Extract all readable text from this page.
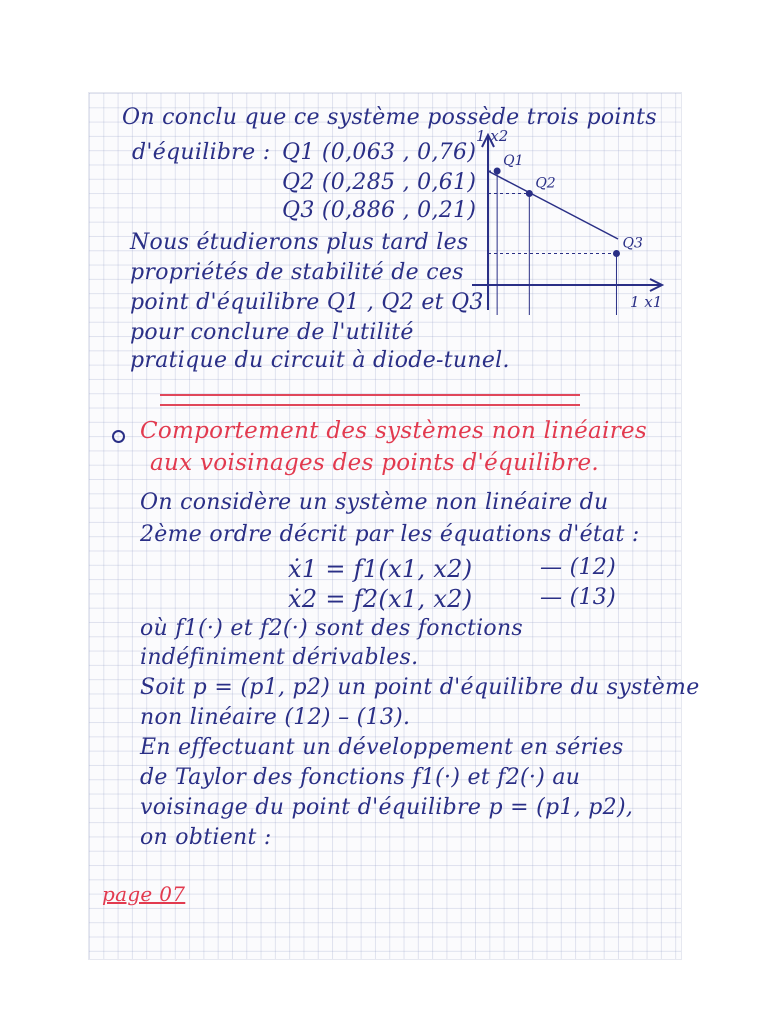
On conclu que ce système possède trois points
d'équilibre : Q1 (0,063 , 0,76)
Q2 (0,285 , 0,61)
Q3 (0,886 , 0,21)
Nous étudierons plus tard les
propriétés de stabilité de ces
point d'équilibre Q1 , Q2 et Q3
pour conclure de l'utilité
pratique du circuit à diode-tunel.
1 x2
1 x1
Q1
Q2
Q3
Comportement des systèmes non linéaires
aux voisinages des points d'équilibre.
On considère un système non linéaire du
2ème ordre décrit par les équations d'état :
ẋ1 = f1(x1, x2)	— (12)
ẋ2 = f2(x1, x2)	— (13)
où f1(·) et f2(·) sont des fonctions
indéfiniment dérivables.
Soit p = (p1, p2) un point d'équilibre du système
non linéaire (12) – (13).
En effectuant un développement en séries
de Taylor des fonctions f1(·) et f2(·) au
voisinage du point d'équilibre p = (p1, p2),
on obtient :
page 07
